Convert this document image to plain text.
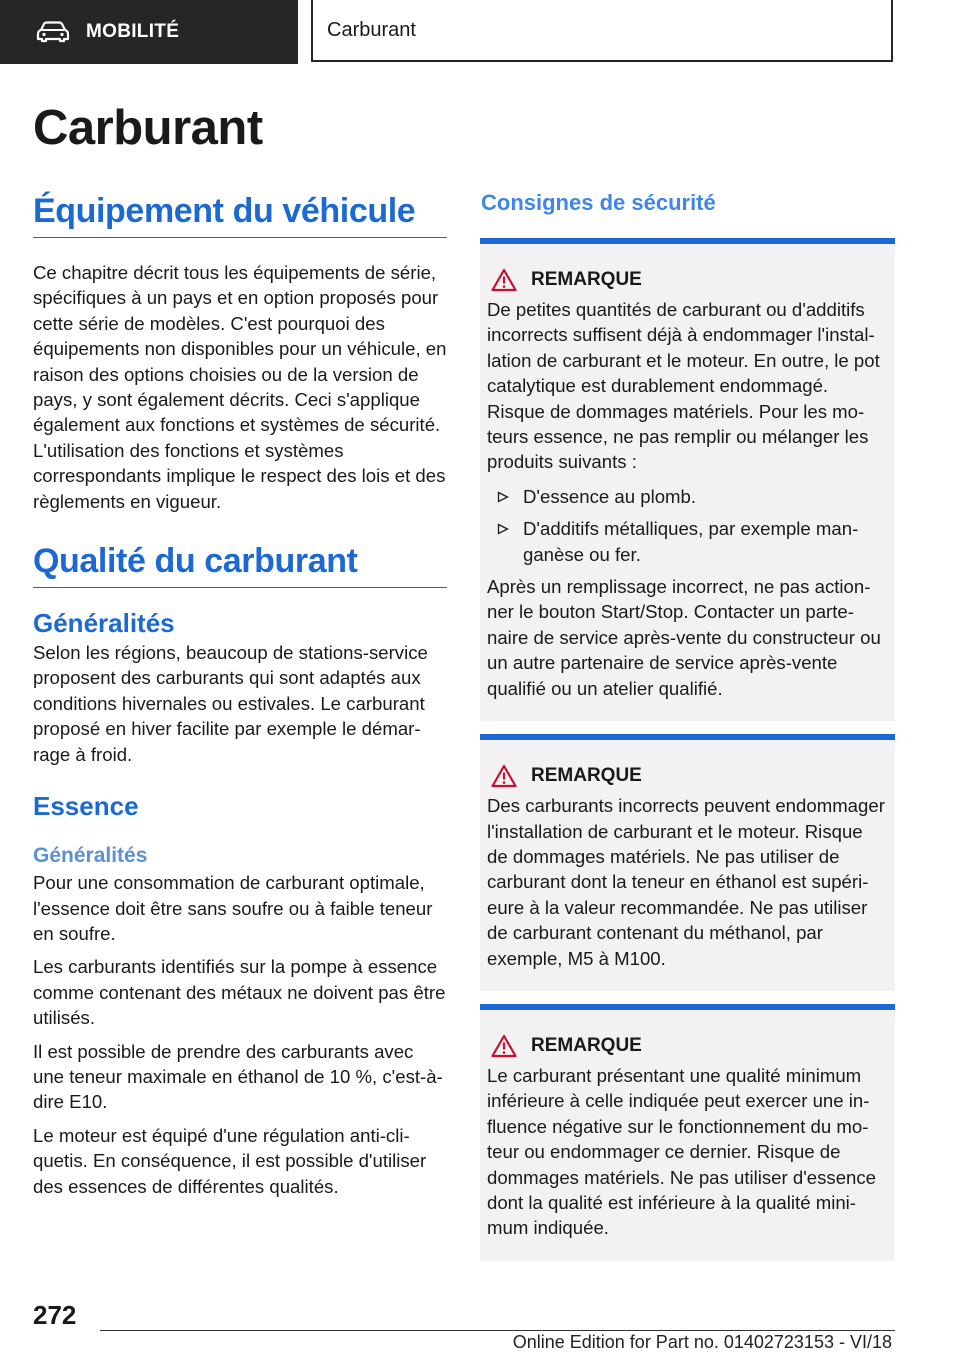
MOBILITÉ	Carburant
Carburant
Équipement du véhicule

Ce chapitre décrit tous les équipements de série, spécifiques à un pays et en option proposés pour cette série de modèles. C'est pourquoi des équipements non disponibles pour un véhicule, en raison des options choisies ou de la version de pays, y sont également décrits. Ceci s'applique également aux fonctions et systèmes de sécurité. L'utilisation des fonctions et systèmes correspondants implique le respect des lois et des règlements en vigueur.

Qualité du carburant
Généralités

Selon les régions, beaucoup de stations-service proposent des carburants qui sont adaptés aux conditions hivernales ou estivales. Le carburant proposé en hiver facilite par exemple le démarrage à froid.

Essence
Généralités

Pour une consommation de carburant optimale, l'essence doit être sans soufre ou à faible teneur en soufre.

Les carburants identifiés sur la pompe à essence comme contenant des métaux ne doivent pas être utilisés.

Il est possible de prendre des carburants avec une teneur maximale en éthanol de 10 %, c'est-à-dire E10.

Le moteur est équipé d'une régulation anti-cliquetis. En conséquence, il est possible d'utiliser des essences de différentes qualités.

Consignes de sécurité
REMARQUE

De petites quantités de carburant ou d'additifs incorrects suffisent déjà à endommager l'installation de carburant et le moteur. En outre, le pot catalytique est durablement endommagé. Risque de dommages matériels. Pour les moteurs essence, ne pas remplir ou mélanger les produits suivants :

D'essence au plomb.

D'additifs métalliques, par exemple manganèse ou fer.

Après un remplissage incorrect, ne pas actionner le bouton Start/Stop. Contacter un partenaire de service après-vente du constructeur ou un autre partenaire de service après-vente qualifié ou un atelier qualifié.

REMARQUE

Des carburants incorrects peuvent endommager l'installation de carburant et le moteur. Risque de dommages matériels. Ne pas utiliser de carburant dont la teneur en éthanol est supérieure à la valeur recommandée. Ne pas utiliser de carburant contenant du méthanol, par exemple, M5 à M100.

REMARQUE

Le carburant présentant une qualité minimum inférieure à celle indiquée peut exercer une influence négative sur le fonctionnement du moteur ou endommager ce dernier. Risque de dommages matériels. Ne pas utiliser d'essence dont la qualité est inférieure à la qualité minimum indiquée.

272
Online Edition for Part no. 01402723153 - VI/18
